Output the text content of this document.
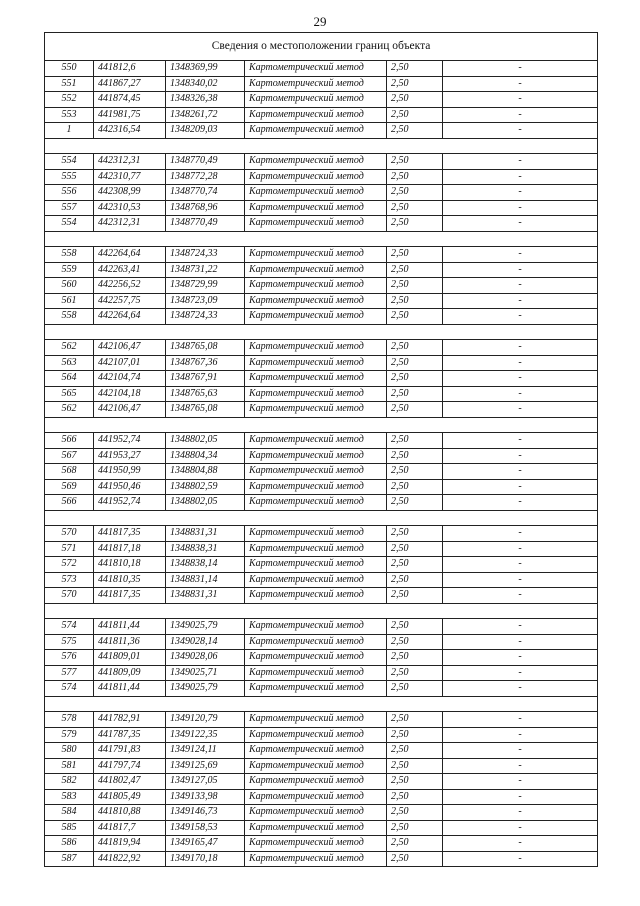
29
Сведения о местоположении границ объекта					
550	441812,6	1348369,99	Картометрический метод	2,50	-
551	441867,27	1348340,02	Картометрический метод	2,50	-
552	441874,45	1348326,38	Картометрический метод	2,50	-
553	441981,75	1348261,72	Картометрический метод	2,50	-
1	442316,54	1348209,03	Картометрический метод	2,50	-

554	442312,31	1348770,49	Картометрический метод	2,50	-
555	442310,77	1348772,28	Картометрический метод	2,50	-
556	442308,99	1348770,74	Картометрический метод	2,50	-
557	442310,53	1348768,96	Картометрический метод	2,50	-
554	442312,31	1348770,49	Картометрический метод	2,50	-

558	442264,64	1348724,33	Картометрический метод	2,50	-
559	442263,41	1348731,22	Картометрический метод	2,50	-
560	442256,52	1348729,99	Картометрический метод	2,50	-
561	442257,75	1348723,09	Картометрический метод	2,50	-
558	442264,64	1348724,33	Картометрический метод	2,50	-

562	442106,47	1348765,08	Картометрический метод	2,50	-
563	442107,01	1348767,36	Картометрический метод	2,50	-
564	442104,74	1348767,91	Картометрический метод	2,50	-
565	442104,18	1348765,63	Картометрический метод	2,50	-
562	442106,47	1348765,08	Картометрический метод	2,50	-

566	441952,74	1348802,05	Картометрический метод	2,50	-
567	441953,27	1348804,34	Картометрический метод	2,50	-
568	441950,99	1348804,88	Картометрический метод	2,50	-
569	441950,46	1348802,59	Картометрический метод	2,50	-
566	441952,74	1348802,05	Картометрический метод	2,50	-

570	441817,35	1348831,31	Картометрический метод	2,50	-
571	441817,18	1348838,31	Картометрический метод	2,50	-
572	441810,18	1348838,14	Картометрический метод	2,50	-
573	441810,35	1348831,14	Картометрический метод	2,50	-
570	441817,35	1348831,31	Картометрический метод	2,50	-

574	441811,44	1349025,79	Картометрический метод	2,50	-
575	441811,36	1349028,14	Картометрический метод	2,50	-
576	441809,01	1349028,06	Картометрический метод	2,50	-
577	441809,09	1349025,71	Картометрический метод	2,50	-
574	441811,44	1349025,79	Картометрический метод	2,50	-

578	441782,91	1349120,79	Картометрический метод	2,50	-
579	441787,35	1349122,35	Картометрический метод	2,50	-
580	441791,83	1349124,11	Картометрический метод	2,50	-
581	441797,74	1349125,69	Картометрический метод	2,50	-
582	441802,47	1349127,05	Картометрический метод	2,50	-
583	441805,49	1349133,98	Картометрический метод	2,50	-
584	441810,88	1349146,73	Картометрический метод	2,50	-
585	441817,7	1349158,53	Картометрический метод	2,50	-
586	441819,94	1349165,47	Картометрический метод	2,50	-
587	441822,92	1349170,18	Картометрический метод	2,50	-
